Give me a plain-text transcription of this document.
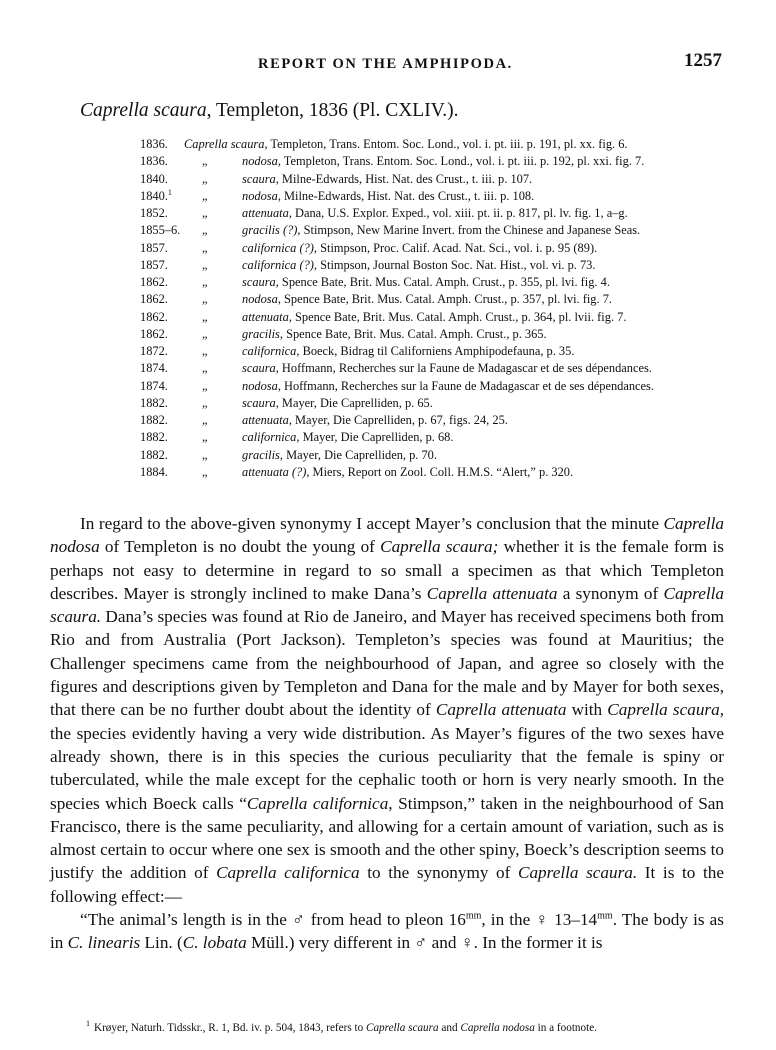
REPORT ON THE AMPHIPODA.	1257
Caprella scaura, Templeton, 1836 (Pl. CXLIV.).
1836. Caprella scaura, Templeton, Trans. Entom. Soc. Lond., vol. i. pt. iii. p. 191, pl. xx. fig. 6.
1836.	„	nodosa, Templeton, Trans. Entom. Soc. Lond., vol. i. pt. iii. p. 192, pl. xxi. fig. 7.
1840.	„	scaura, Milne-Edwards, Hist. Nat. des Crust., t. iii. p. 107.
1840.$^1$ „	nodosa, Milne-Edwards, Hist. Nat. des Crust., t. iii. p. 108.
1852.	„	attenuata, Dana, U.S. Explor. Exped., vol. xiii. pt. ii. p. 817, pl. lv. fig. 1, a–g.
1855–6. „	gracilis (?), Stimpson, New Marine Invert. from the Chinese and Japanese Seas.
1857.	„	californica (?), Stimpson, Proc. Calif. Acad. Nat. Sci., vol. i. p. 95 (89).
1857.	„	californica (?), Stimpson, Journal Boston Soc. Nat. Hist., vol. vi. p. 73.
1862.	„	scaura, Spence Bate, Brit. Mus. Catal. Amph. Crust., p. 355, pl. lvi. fig. 4.
1862.	„	nodosa, Spence Bate, Brit. Mus. Catal. Amph. Crust., p. 357, pl. lvi. fig. 7.
1862.	„	attenuata, Spence Bate, Brit. Mus. Catal. Amph. Crust., p. 364, pl. lvii. fig. 7.
1862.	„	gracilis, Spence Bate, Brit. Mus. Catal. Amph. Crust., p. 365.
1872.	„	californica, Boeck, Bidrag til Californiens Amphipodefauna, p. 35.
1874.	„	scaura, Hoffmann, Recherches sur la Faune de Madagascar et de ses dépendances.
1874.	„	nodosa, Hoffmann, Recherches sur la Faune de Madagascar et de ses dépendances.
1882.	„	scaura, Mayer, Die Caprelliden, p. 65.
1882.	„	attenuata, Mayer, Die Caprelliden, p. 67, figs. 24, 25.
1882.	„	californica, Mayer, Die Caprelliden, p. 68.
1882.	„	gracilis, Mayer, Die Caprelliden, p. 70.
1884.	„	attenuata (?), Miers, Report on Zool. Coll. H.M.S. “Alert,” p. 320.

In regard to the above-given synonymy I accept Mayer’s conclusion that the minute Caprella nodosa of Templeton is no doubt the young of Caprella scaura; whether it is the female form is perhaps not easy to determine in regard to so small a specimen as that which Templeton describes. Mayer is strongly inclined to make Dana’s Caprella attenuata a synonym of Caprella scaura. Dana’s species was found at Rio de Janeiro, and Mayer has received specimens both from Rio and from Australia (Port Jackson). Templeton’s species was found at Mauritius; the Challenger specimens came from the neighbourhood of Japan, and agree so closely with the figures and descriptions given by Templeton and Dana for the male and by Mayer for both sexes, that there can be no further doubt about the identity of Caprella attenuata with Caprella scaura, the species evidently having a very wide distribution. As Mayer’s figures of the two sexes have already shown, there is in this species the curious peculiarity that the female is spiny or tuberculated, while the male except for the cephalic tooth or horn is very nearly smooth. In the species which Boeck calls “Caprella californica, Stimpson,” taken in the neighbourhood of San Francisco, there is the same peculiarity, and allowing for a certain amount of variation, such as is almost certain to occur where one sex is smooth and the other spiny, Boeck’s description seems to justify the addition of Caprella californica to the synonymy of Caprella scaura. It is to the following effect:—

“The animal’s length is in the ♂ from head to pleon $16^{mm}$, in the ♀ $13-14^{mm}$. The body is as in C. linearis Lin. (C. lobata Müll.) very different in ♂ and ♀. In the former it is

$^1$ Krøyer, Naturh. Tidsskr., R. 1, Bd. iv. p. 504, 1843, refers to Caprella scaura and Caprella nodosa in a footnote.
